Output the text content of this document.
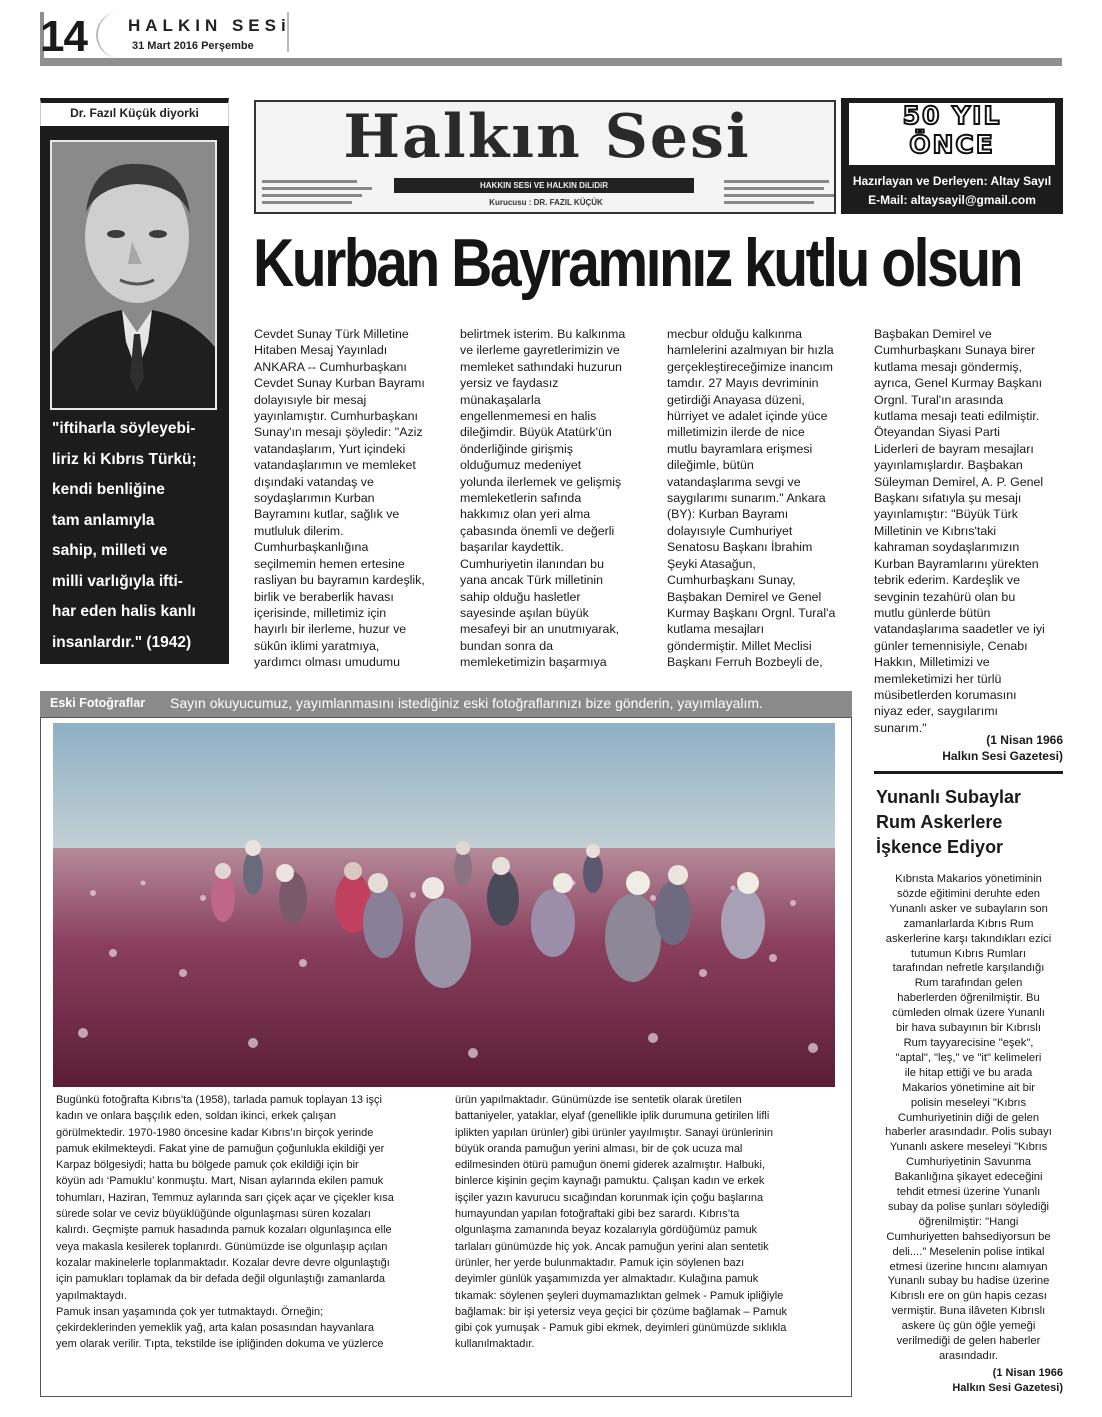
14 HALKIN SESi
31 Mart 2016 Perşembe
Dr. Fazıl Küçük diyorki
"iftiharla söyleyebi-
liriz ki Kıbrıs Türkü;
kendi benliğine
tam anlamıyla
sahip, milleti ve
milli varlığıyla ifti-
har eden halis kanlı
insanlardır." (1942)
Halkın Sesi
HAKKIN SESi VE HALKIN DiLiDiR
Kurucusu : DR. FAZIL KÜÇÜK
50 YIL
ÖNCE
Hazırlayan ve Derleyen: Altay Sayıl
E-Mail: altaysayil@gmail.com
Kurban Bayramınız kutlu olsun
Cevdet Sunay Türk Milletine
Hitaben Mesaj Yayınladı
ANKARA -- Cumhurbaşkanı
Cevdet Sunay Kurban Bayramı
dolayısıyle bir mesaj
yayınlamıştır. Cumhurbaşkanı
Sunay'ın mesajı şöyledir: "Aziz
vatandaşlarım, Yurt içindeki
vatandaşlarımın ve memleket
dışındaki vatandaş ve
soydaşlarımın Kurban
Bayramını kutlar, sağlık ve
mutluluk dilerim.
Cumhurbaşkanlığına
seçilmemin hemen ertesine
rasliyan bu bayramın kardeşlik,
birlik ve beraberlik havası
içerisinde, milletimiz için
hayırlı bir ilerleme, huzur ve
sükûn iklimi yaratmıya,
yardımcı olması umudumu
belirtmek isterim. Bu kalkınma
ve ilerleme gayretlerimizin ve
memleket sathındaki huzurun
yersiz ve faydasız
münakaşalarla
engellenmemesi en halis
dileğimdir. Büyük Atatürk'ün
önderliğinde girişmiş
olduğumuz medeniyet
yolunda ilerlemek ve gelişmiş
memleketlerin safında
hakkımız olan yeri alma
çabasında önemli ve değerli
başarılar kaydettik.
Cumhuriyetin ilanından bu
yana ancak Türk milletinin
sahip olduğu hasletler
sayesinde aşılan büyük
mesafeyi bir an unutmıyarak,
bundan sonra da
memleketimizin başarmıya
mecbur olduğu kalkınma
hamlelerini azalmıyan bir hızla
gerçekleştireceğimize inancım
tamdır. 27 Mayıs devriminin
getirdiği Anayasa düzeni,
hürriyet ve adalet içinde yüce
milletimizin ilerde de nice
mutlu bayramlara erişmesi
dileğimle, bütün
vatandaşlarıma sevgi ve
saygılarımı sunarım." Ankara
(BY): Kurban Bayramı
dolayısıyle Cumhuriyet
Senatosu Başkanı İbrahim
Şeyki Atasağun,
Cumhurbaşkanı Sunay,
Başbakan Demirel ve Genel
Kurmay Başkanı Orgnl. Tural'a
kutlama mesajları
göndermiştir. Millet Meclisi
Başkanı Ferruh Bozbeyli de,
Başbakan Demirel ve
Cumhurbaşkanı Sunaya birer
kutlama mesajı göndermiş,
ayrıca, Genel Kurmay Başkanı
Orgnl. Tural'ın arasında
kutlama mesajı teati edilmiştir.
Öteyandan Siyasi Parti
Liderleri de bayram mesajları
yayınlamışlardır. Başbakan
Süleyman Demirel, A. P. Genel
Başkanı sıfatıyla şu mesajı
yayınlamıştır: "Büyük Türk
Milletinin ve Kıbrıs'taki
kahraman soydaşlarımızın
Kurban Bayramlarını yürekten
tebrik ederim. Kardeşlik ve
sevginin tezahürü olan bu
mutlu günlerde bütün
vatandaşlarıma saadetler ve iyi
günler temennisiyle, Cenabı
Hakkın, Milletimizi ve
memleketimizi her türlü
müsibetlerden korumasını
niyaz eder, saygılarımı
sunarım."
(1 Nisan 1966
Halkın Sesi Gazetesi)
Eski Fotoğraflar Sayın okuyucumuz, yayımlanmasını istediğiniz eski fotoğraflarınızı bize gönderin, yayımlayalım.
Bugünkü fotoğrafta Kıbrıs’ta (1958), tarlada pamuk toplayan 13 işçi
kadın ve onlara başçılık eden, soldan ikinci, erkek çalışan
görülmektedir. 1970-1980 öncesine kadar Kıbrıs’ın birçok yerinde
pamuk ekilmekteydi. Fakat yine de pamuğun çoğunlukla ekildiği yer
Karpaz bölgesiydi; hatta bu bölgede pamuk çok ekildiği için bir
köyün adı ‘Pamuklu’ konmuştu. Mart, Nisan aylarında ekilen pamuk
tohumları, Haziran, Temmuz aylarında sarı çiçek açar ve çiçekler kısa
sürede solar ve ceviz büyüklüğünde olgunlaşması süren kozaları
kalırdı. Geçmişte pamuk hasadında pamuk kozaları olgunlaşınca elle
veya makasla kesilerek toplanırdı. Günümüzde ise olgunlaşıp açılan
kozalar makinelerle toplanmaktadır. Kozalar devre devre olgunlaştığı
için pamukları toplamak da bir defada değil olgunlaştığı zamanlarda
yapılmaktaydı.
Pamuk insan yaşamında çok yer tutmaktaydı. Örneğin;
çekirdeklerinden yemeklik yağ, arta kalan posasından hayvanlara
yem olarak verilir. Tıpta, tekstilde ise ipliğinden dokuma ve yüzlerce
ürün yapılmaktadır. Günümüzde ise sentetik olarak üretilen
battaniyeler, yataklar, elyaf (genellikle iplik durumuna getirilen lifli
iplikten yapılan ürünler) gibi ürünler yayılmıştır. Sanayi ürünlerinin
büyük oranda pamuğun yerini alması, bir de çok ucuza mal
edilmesinden ötürü pamuğun önemi giderek azalmıştır. Halbuki,
binlerce kişinin geçim kaynağı pamuktu. Çalışan kadın ve erkek
işçiler yazın kavurucu sıcağından korunmak için çoğu başlarına
humayundan yapılan fotoğraftaki gibi bez sarardı. Kıbrıs’ta
olgunlaşma zamanında beyaz kozalarıyla gördüğümüz pamuk
tarlaları günümüzde hiç yok. Ancak pamuğun yerini alan sentetik
ürünler, her yerde bulunmaktadır. Pamuk için söylenen bazı
deyimler günlük yaşamımızda yer almaktadır. Kulağına pamuk
tıkamak: söylenen şeyleri duymamazlıktan gelmek - Pamuk ipliğiyle
bağlamak: bir işi yetersiz veya geçici bir çözüme bağlamak – Pamuk
gibi çok yumuşak - Pamuk gibi ekmek, deyimleri günümüzde sıklıkla
kullanılmaktadır.
Yunanlı Subaylar
Rum Askerlere
İşkence Ediyor
Kıbrısta Makarios yönetiminin
sözde eğitimini deruhte eden
Yunanlı asker ve subayların son
zamanlarlarda Kıbrıs Rum
askerlerine karşı takındıkları ezici
tutumun Kıbrıs Rumları
tarafından nefretle karşılandığı
Rum tarafından gelen
haberlerden öğrenilmiştir. Bu
cümleden olmak üzere Yunanlı
bir hava subayının bir Kıbrıslı
Rum tayyarecisine "eşek",
"aptal", "leş," ve "it" kelimeleri
ile hitap ettiği ve bu arada
Makarios yönetimine ait bir
polisin meseleyi "Kıbrıs
Cumhuriyetinin diği de gelen
haberler arasındadır. Polis subayı
Yunanlı askere meseleyi "Kıbrıs
Cumhuriyetinin Savunma
Bakanlığına şikayet edeceğini
tehdit etmesi üzerine Yunanlı
subay da polise şunları söylediği
öğrenilmiştir: "Hangi
Cumhuriyetten bahsediyorsun be
deli...." Meselenin polise intikal
etmesi üzerine hıncını alamıyan
Yunanlı subay bu hadise üzerine
Kıbrıslı ere on gün hapis cezası
vermiştir. Buna ilâveten Kıbrıslı
askere üç gün öğle yemeği
verilmediği de gelen haberler
arasındadır.
(1 Nisan 1966
Halkın Sesi Gazetesi)
